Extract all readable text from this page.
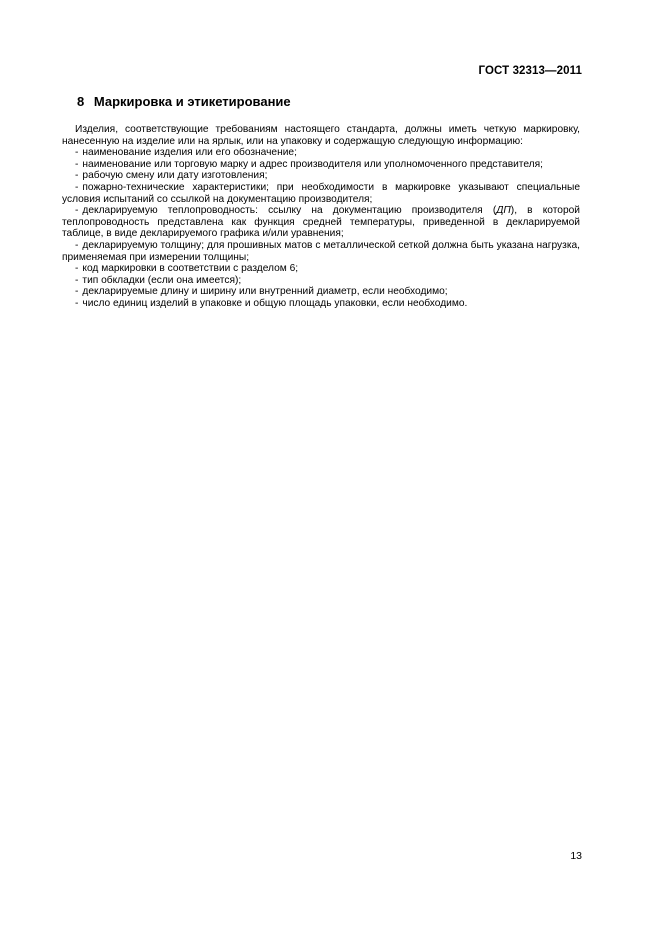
ГОСТ 32313—2011
8 Маркировка и этикетирование

Изделия, соответствующие требованиям настоящего стандарта, должны иметь четкую маркировку, нанесенную на изделие или на ярлык, или на упаковку и содержащую следующую информацию:

- наименование изделия или его обозначение;

- наименование или торговую марку и адрес производителя или уполномоченного представителя;

- рабочую смену или дату изготовления;

- пожарно-технические характеристики; при необходимости в маркировке указывают специальные условия испытаний со ссылкой на документацию производителя;

- декларируемую теплопроводность: ссылку на документацию производителя (ДП), в которой теплопроводность представлена как функция средней температуры, приведенной в декларируемой таблице, в виде декларируемого графика и/или уравнения;

- декларируемую толщину; для прошивных матов с металлической сеткой должна быть указана нагрузка, применяемая при измерении толщины;

- код маркировки в соответствии с разделом 6;

- тип обкладки (если она имеется);

- декларируемые длину и ширину или внутренний диаметр, если необходимо;

- число единиц изделий в упаковке и общую площадь упаковки, если необходимо.

13
